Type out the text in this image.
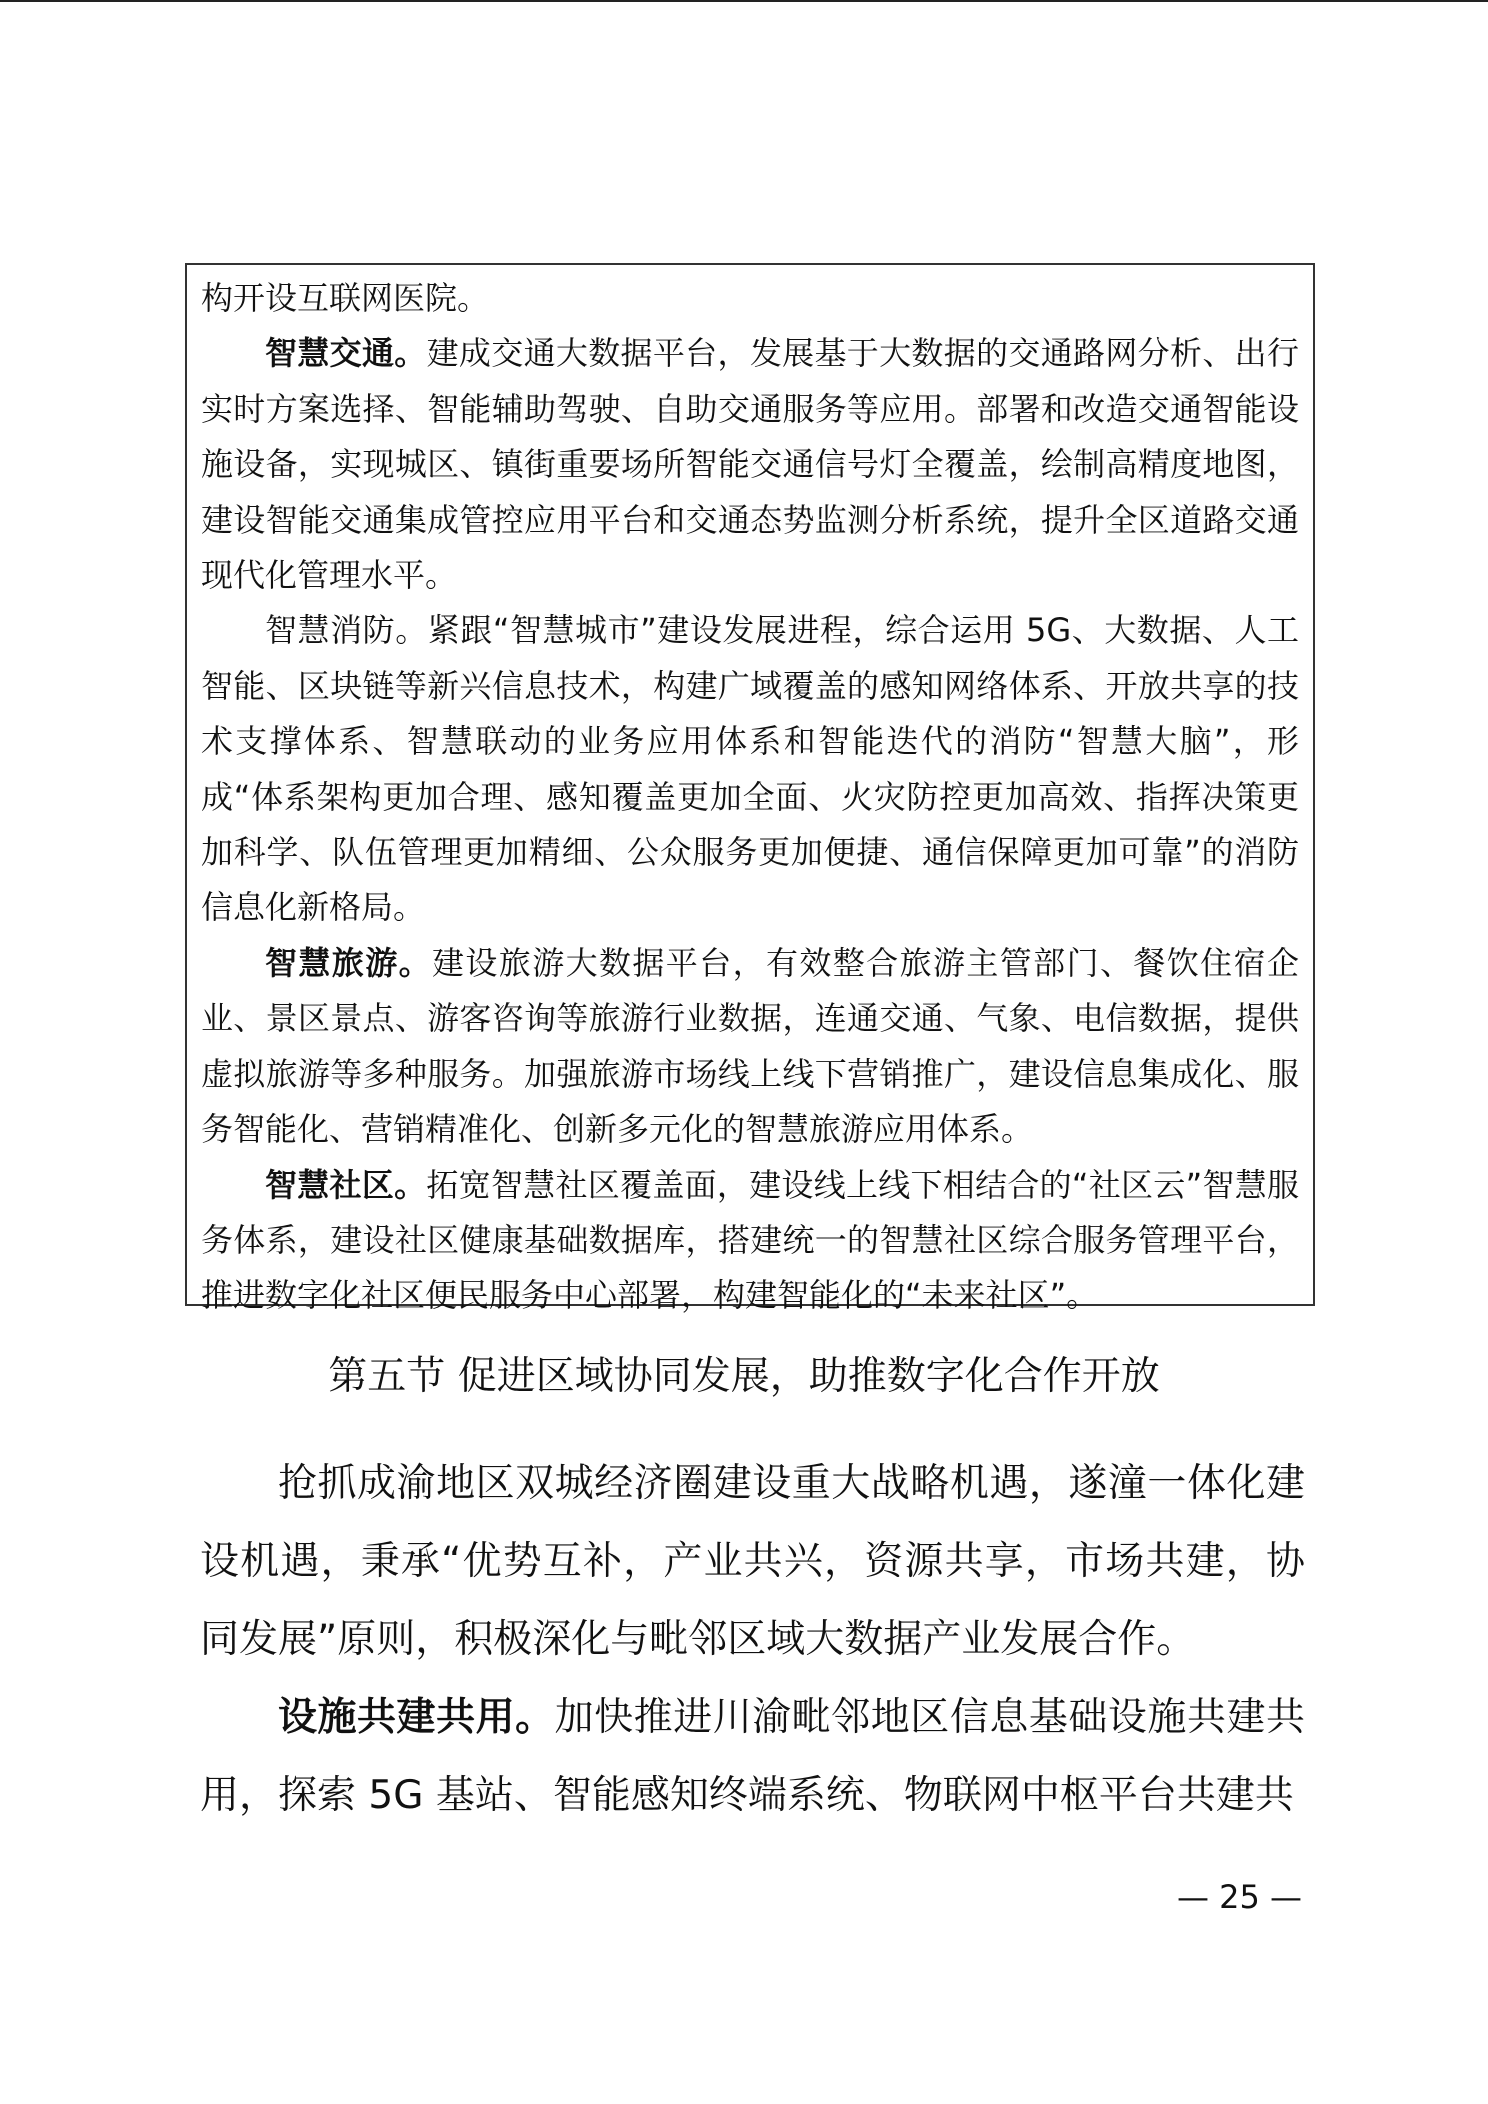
构开设互联网医院。

智慧交通。建成交通大数据平台，发展基于大数据的交通路网分析、出行实时方案选择、智能辅助驾驶、自助交通服务等应用。部署和改造交通智能设施设备，实现城区、镇街重要场所智能交通信号灯全覆盖，绘制高精度地图，建设智能交通集成管控应用平台和交通态势监测分析系统，提升全区道路交通现代化管理水平。

智慧消防。紧跟“智慧城市”建设发展进程，综合运用 5G、大数据、人工智能、区块链等新兴信息技术，构建广域覆盖的感知网络体系、开放共享的技术支撑体系、智慧联动的业务应用体系和智能迭代的消防“智慧大脑”，形成“体系架构更加合理、感知覆盖更加全面、火灾防控更加高效、指挥决策更加科学、队伍管理更加精细、公众服务更加便捷、通信保障更加可靠”的消防信息化新格局。

智慧旅游。建设旅游大数据平台，有效整合旅游主管部门、餐饮住宿企业、景区景点、游客咨询等旅游行业数据，连通交通、气象、电信数据，提供虚拟旅游等多种服务。加强旅游市场线上线下营销推广，建设信息集成化、服务智能化、营销精准化、创新多元化的智慧旅游应用体系。

智慧社区。拓宽智慧社区覆盖面，建设线上线下相结合的“社区云”智慧服务体系，建设社区健康基础数据库，搭建统一的智慧社区综合服务管理平台，推进数字化社区便民服务中心部署，构建智能化的“未来社区”。

第五节 促进区域协同发展，助推数字化合作开放

抢抓成渝地区双城经济圈建设重大战略机遇，遂潼一体化建设机遇，秉承“优势互补，产业共兴，资源共享，市场共建，协同发展”原则，积极深化与毗邻区域大数据产业发展合作。

设施共建共用。加快推进川渝毗邻地区信息基础设施共建共用，探索 5G 基站、智能感知终端系统、物联网中枢平台共建共

— 25 —
